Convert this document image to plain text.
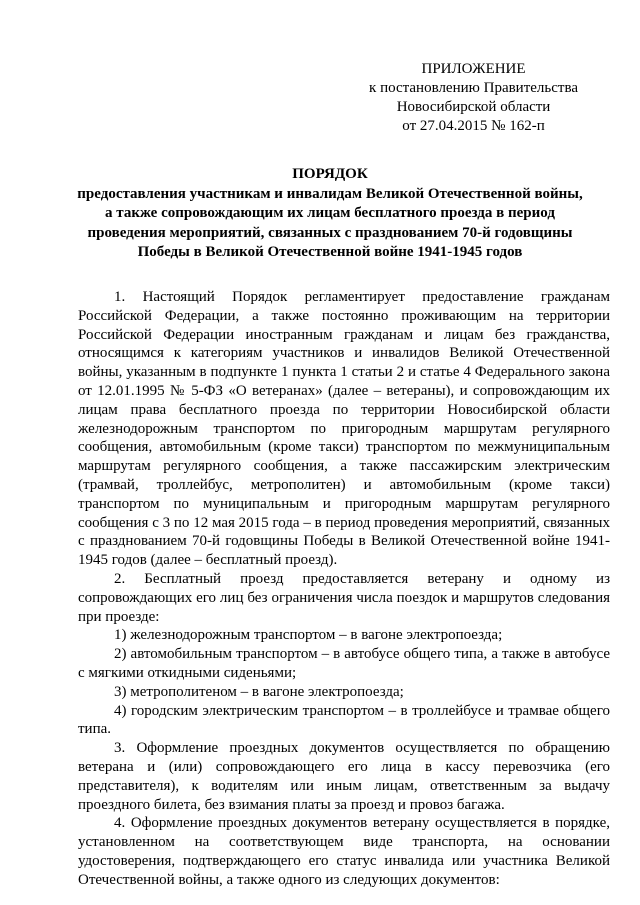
ПРИЛОЖЕНИЕ
к постановлению Правительства
Новосибирской области
от 27.04.2015 № 162-п
ПОРЯДОК
предоставления участникам и инвалидам Великой Отечественной войны,
а также сопровождающим их лицам бесплатного проезда в период
проведения мероприятий, связанных с празднованием 70-й годовщины
Победы в Великой Отечественной войне 1941-1945 годов

1. Настоящий Порядок регламентирует предоставление гражданам Российской Федерации, а также постоянно проживающим на территории Российской Федерации иностранным гражданам и лицам без гражданства, относящимся к категориям участников и инвалидов Великой Отечественной войны, указанным в подпункте 1 пункта 1 статьи 2 и статье 4 Федерального закона от 12.01.1995 № 5-ФЗ «О ветеранах» (далее – ветераны), и сопровождающим их лицам права бесплатного проезда по территории Новосибирской области железнодорожным транспортом по пригородным маршрутам регулярного сообщения, автомобильным (кроме такси) транспортом по межмуниципальным маршрутам регулярного сообщения, а также пассажирским электрическим (трамвай, троллейбус, метрополитен) и автомобильным (кроме такси) транспортом по муниципальным и пригородным маршрутам регулярного сообщения с 3 по 12 мая 2015 года – в период проведения мероприятий, связанных с празднованием 70-й годовщины Победы в Великой Отечественной войне 1941-1945 годов (далее – бесплатный проезд).

2. Бесплатный проезд предоставляется ветерану и одному из сопровождающих его лиц без ограничения числа поездок и маршрутов следования при проезде:

1) железнодорожным транспортом – в вагоне электропоезда;

2) автомобильным транспортом – в автобусе общего типа, а также в автобусе с мягкими откидными сиденьями;

3) метрополитеном – в вагоне электропоезда;

4) городским электрическим транспортом – в троллейбусе и трамвае общего типа.

3. Оформление проездных документов осуществляется по обращению ветерана и (или) сопровождающего его лица в кассу перевозчика (его представителя), к водителям или иным лицам, ответственным за выдачу проездного билета, без взимания платы за проезд и провоз багажа.

4. Оформление проездных документов ветерану осуществляется в порядке, установленном на соответствующем виде транспорта, на основании удостоверения, подтверждающего его статус инвалида или участника Великой Отечественной войны, а также одного из следующих документов:
